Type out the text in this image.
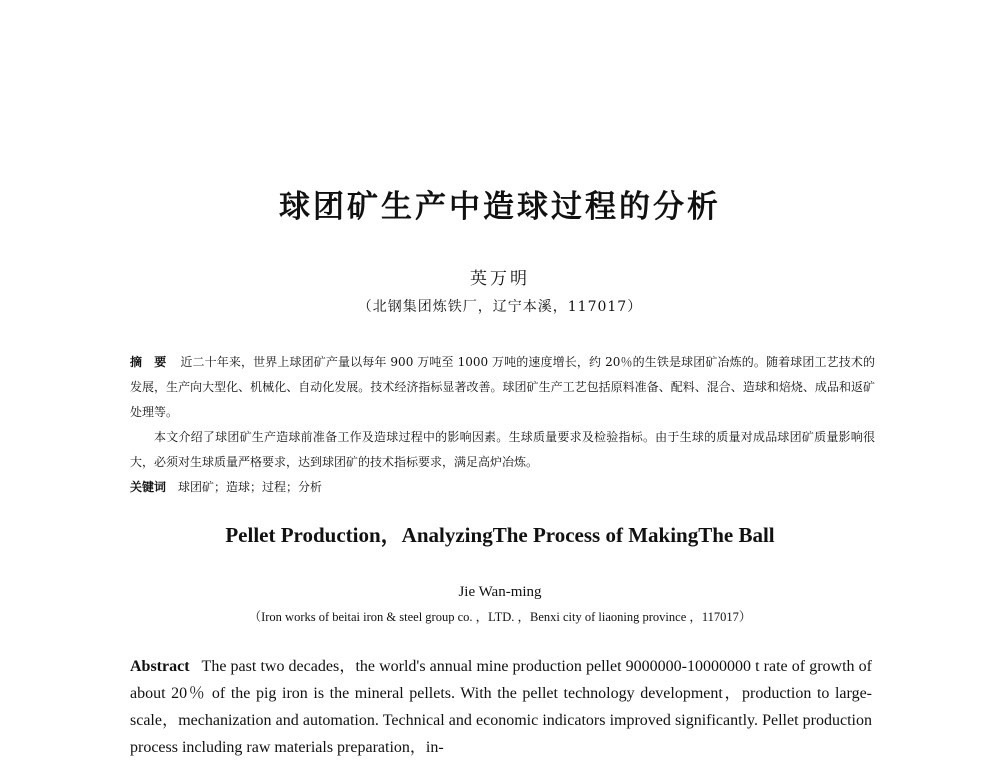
球团矿生产中造球过程的分析
英万明
（北钢集团炼铁厂，辽宁本溪，117017）

摘　要 近二十年来，世界上球团矿产量以每年 900 万吨至 1000 万吨的速度增长，约 20％的生铁是球团矿冶炼的。随着球团工艺技术的发展，生产向大型化、机械化、自动化发展。技术经济指标显著改善。球团矿生产工艺包括原料准备、配料、混合、造球和焙烧、成品和返矿处理等。

本文介绍了球团矿生产造球前准备工作及造球过程中的影响因素。生球质量要求及检验指标。由于生球的质量对成品球团矿质量影响很大，必须对生球质量严格要求，达到球团矿的技术指标要求，满足高炉冶炼。

关键词 球团矿；造球；过程；分析

Pellet Production，AnalyzingThe Process of MakingThe Ball
Jie Wan-ming
（Iron works of beitai iron & steel group co. ，LTD. ，Benxi city of liaoning province ，117017）

Abstract The past two decades，the world's annual mine production pellet 9000000-10000000 t rate of growth of about 20％ of the pig iron is the mineral pellets. With the pellet technology development，production to large-scale，mechanization and automation. Technical and economic indicators improved significantly. Pellet production process including raw materials preparation，in-
